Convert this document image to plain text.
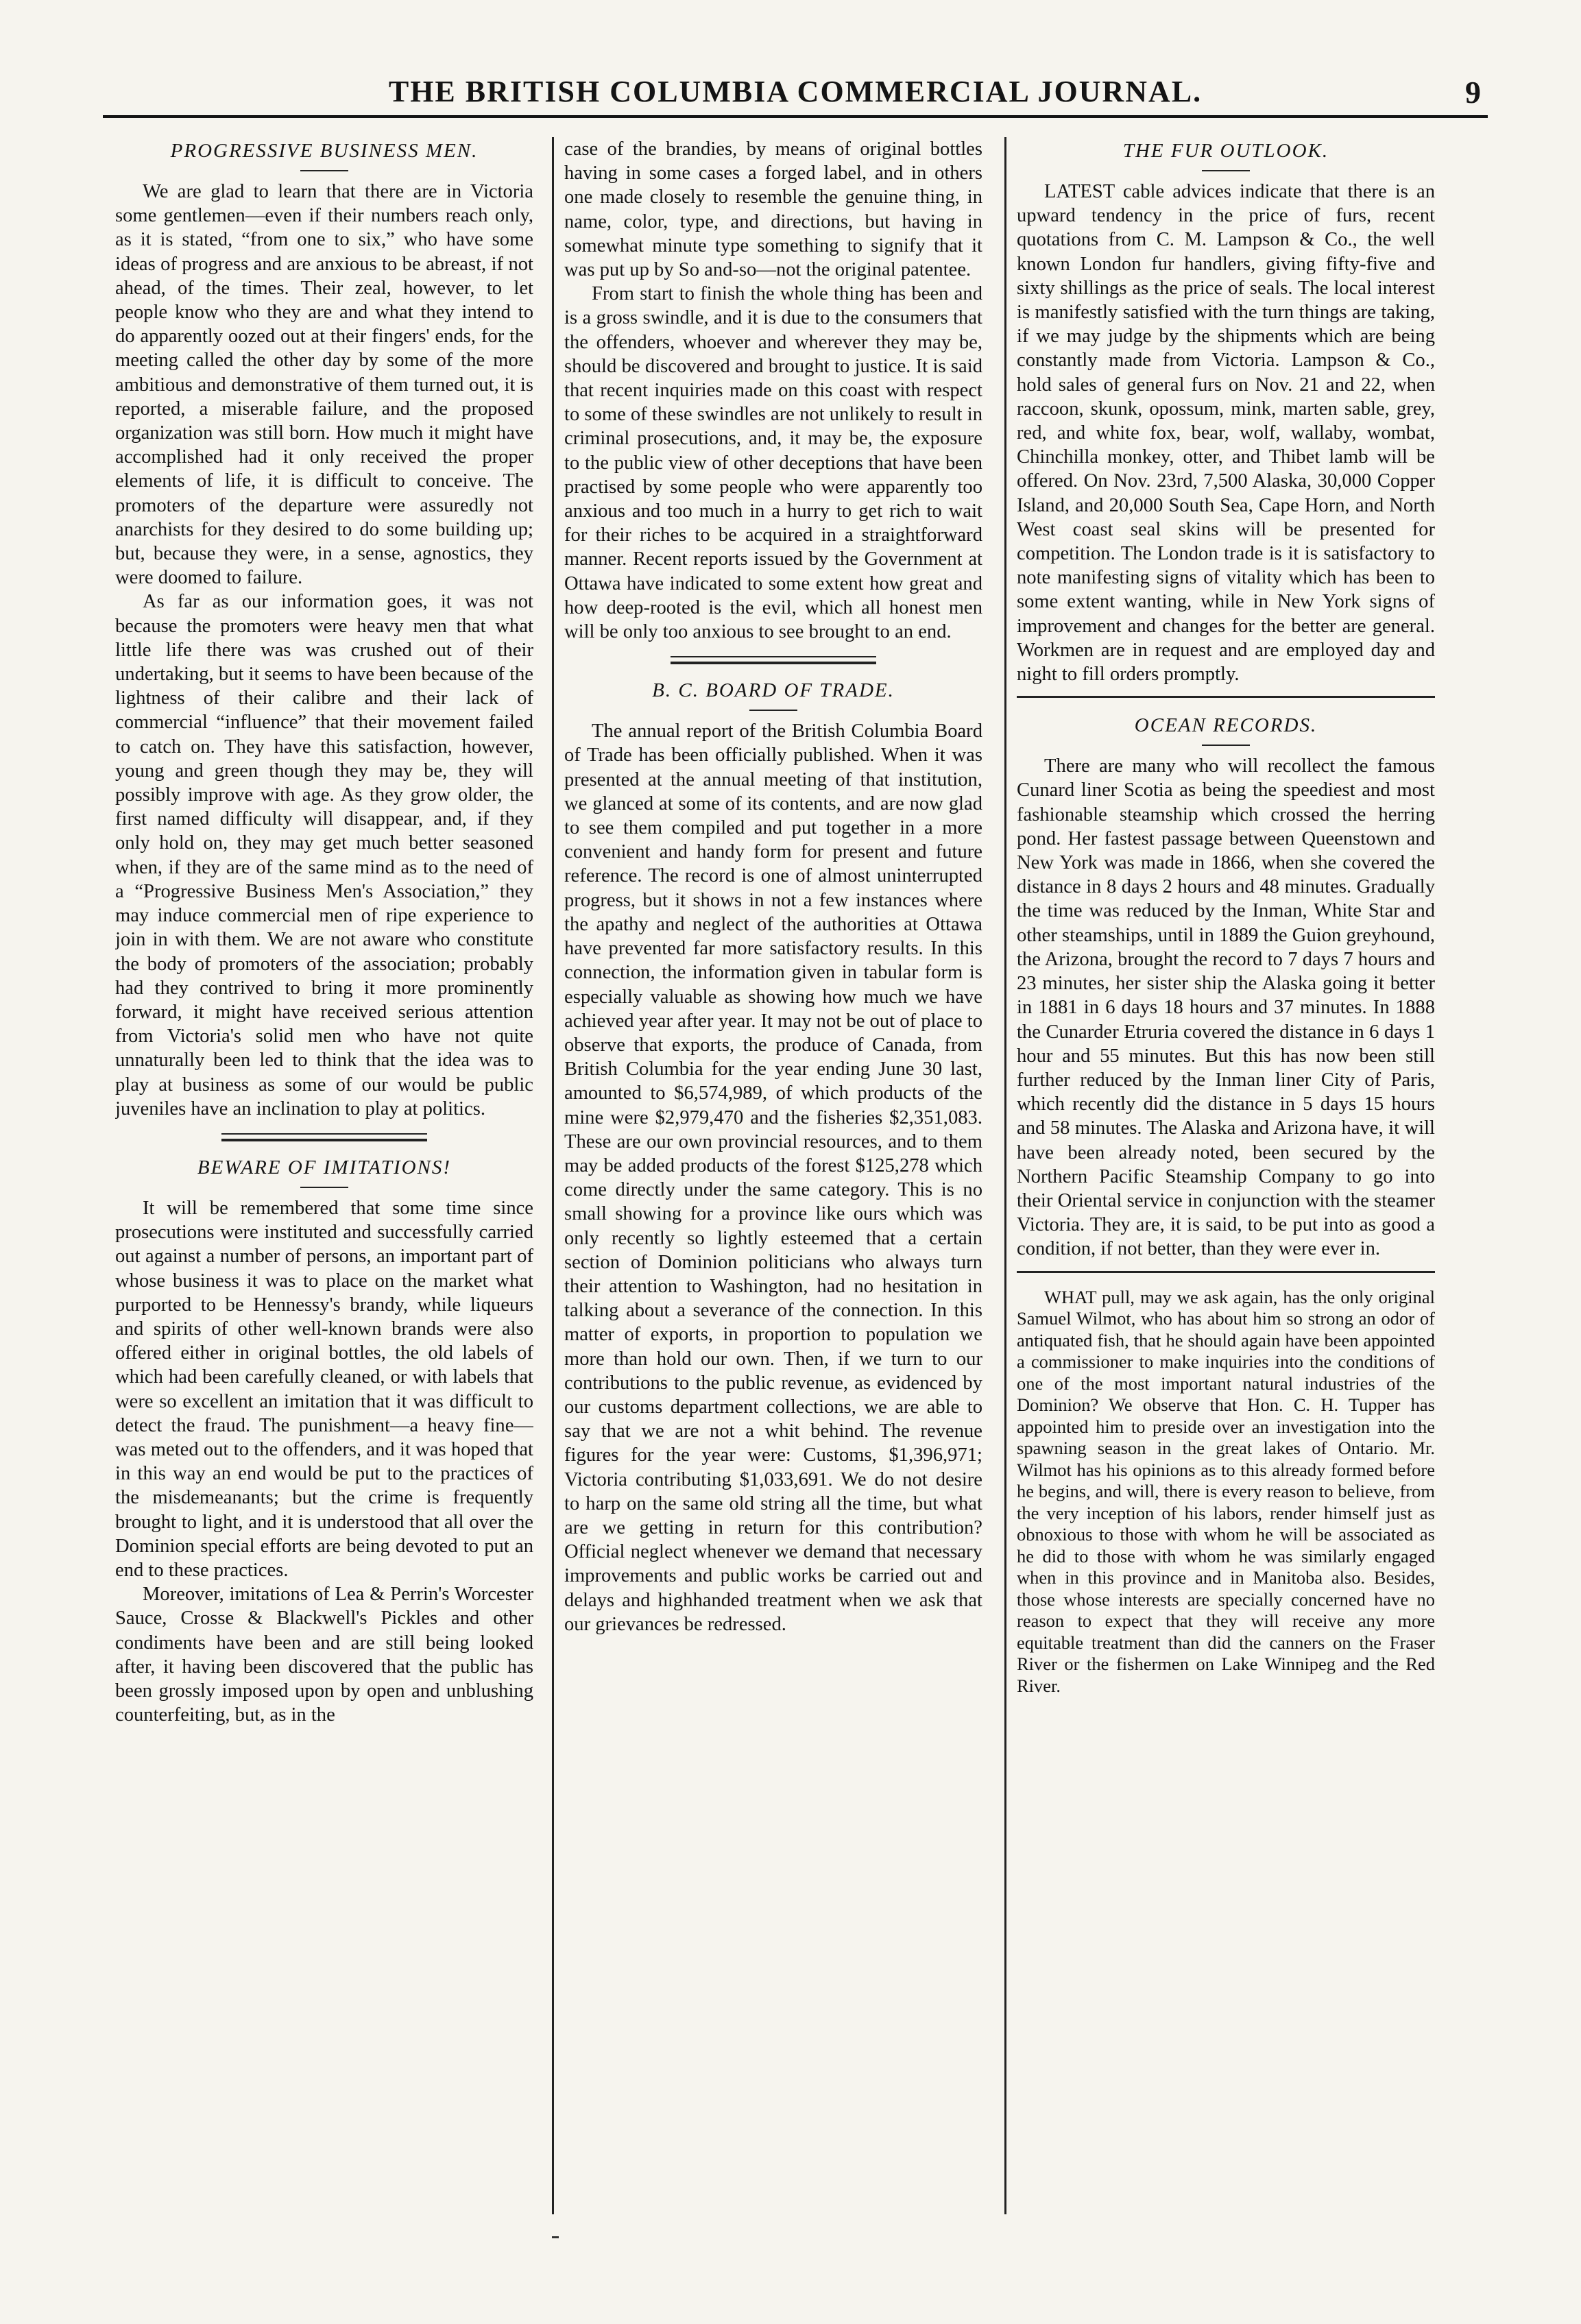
THE BRITISH COLUMBIA COMMERCIAL JOURNAL.	9
PROGRESSIVE BUSINESS MEN.

We are glad to learn that there are in Victoria some gentlemen—even if their numbers reach only, as it is stated, “from one to six,” who have some ideas of progress and are anxious to be abreast, if not ahead, of the times. Their zeal, however, to let people know who they are and what they intend to do apparently oozed out at their fingers' ends, for the meeting called the other day by some of the more ambitious and demonstrative of them turned out, it is reported, a miserable failure, and the proposed organization was still born. How much it might have accomplished had it only received the proper elements of life, it is difficult to conceive. The promoters of the departure were assuredly not anarchists for they desired to do some building up; but, because they were, in a sense, agnostics, they were doomed to failure.

As far as our information goes, it was not because the promoters were heavy men that what little life there was was crushed out of their undertaking, but it seems to have been because of the lightness of their calibre and their lack of commercial “influence” that their movement failed to catch on. They have this satisfaction, however, young and green though they may be, they will possibly improve with age. As they grow older, the first named difficulty will disappear, and, if they only hold on, they may get much better seasoned when, if they are of the same mind as to the need of a “Progressive Business Men's Association,” they may induce commercial men of ripe experience to join in with them. We are not aware who constitute the body of promoters of the association; probably had they contrived to bring it more prominently forward, it might have received serious attention from Victoria's solid men who have not quite unnaturally been led to think that the idea was to play at business as some of our would be public juveniles have an inclination to play at politics.

BEWARE OF IMITATIONS!

It will be remembered that some time since prosecutions were instituted and successfully carried out against a number of persons, an important part of whose business it was to place on the market what purported to be Hennessy's brandy, while liqueurs and spirits of other well-known brands were also offered either in original bottles, the old labels of which had been carefully cleaned, or with labels that were so excellent an imitation that it was difficult to detect the fraud. The punishment—a heavy fine—was meted out to the offenders, and it was hoped that in this way an end would be put to the practices of the misdemeanants; but the crime is frequently brought to light, and it is understood that all over the Dominion special efforts are being devoted to put an end to these practices.

Moreover, imitations of Lea & Perrin's Worcester Sauce, Crosse & Blackwell's Pickles and other condiments have been and are still being looked after, it having been discovered that the public has been grossly imposed upon by open and unblushing counterfeiting, but, as in the

case of the brandies, by means of original bottles having in some cases a forged label, and in others one made closely to resemble the genuine thing, in name, color, type, and directions, but having in somewhat minute type something to signify that it was put up by So and-so—not the original patentee.

From start to finish the whole thing has been and is a gross swindle, and it is due to the consumers that the offenders, whoever and wherever they may be, should be discovered and brought to justice. It is said that recent inquiries made on this coast with respect to some of these swindles are not unlikely to result in criminal prosecutions, and, it may be, the exposure to the public view of other deceptions that have been practised by some people who were apparently too anxious and too much in a hurry to get rich to wait for their riches to be acquired in a straightforward manner. Recent reports issued by the Government at Ottawa have indicated to some extent how great and how deep-rooted is the evil, which all honest men will be only too anxious to see brought to an end.

B. C. BOARD OF TRADE.

The annual report of the British Columbia Board of Trade has been officially published. When it was presented at the annual meeting of that institution, we glanced at some of its contents, and are now glad to see them compiled and put together in a more convenient and handy form for present and future reference. The record is one of almost uninterrupted progress, but it shows in not a few instances where the apathy and neglect of the authorities at Ottawa have prevented far more satisfactory results. In this connection, the information given in tabular form is especially valuable as showing how much we have achieved year after year. It may not be out of place to observe that exports, the produce of Canada, from British Columbia for the year ending June 30 last, amounted to $6,574,989, of which products of the mine were $2,979,470 and the fisheries $2,351,083. These are our own provincial resources, and to them may be added products of the forest $125,278 which come directly under the same category. This is no small showing for a province like ours which was only recently so lightly esteemed that a certain section of Dominion politicians who always turn their attention to Washington, had no hesitation in talking about a severance of the connection. In this matter of exports, in proportion to population we more than hold our own. Then, if we turn to our contributions to the public revenue, as evidenced by our customs department collections, we are able to say that we are not a whit behind. The revenue figures for the year were: Customs, $1,396,971; Victoria contributing $1,033,691. We do not desire to harp on the same old string all the time, but what are we getting in return for this contribution? Official neglect whenever we demand that necessary improvements and public works be carried out and delays and highhanded treatment when we ask that our grievances be redressed.

THE FUR OUTLOOK.

LATEST cable advices indicate that there is an upward tendency in the price of furs, recent quotations from C. M. Lampson & Co., the well known London fur handlers, giving fifty-five and sixty shillings as the price of seals. The local interest is manifestly satisfied with the turn things are taking, if we may judge by the shipments which are being constantly made from Victoria. Lampson & Co., hold sales of general furs on Nov. 21 and 22, when raccoon, skunk, opossum, mink, marten sable, grey, red, and white fox, bear, wolf, wallaby, wombat, Chinchilla monkey, otter, and Thibet lamb will be offered. On Nov. 23rd, 7,500 Alaska, 30,000 Copper Island, and 20,000 South Sea, Cape Horn, and North West coast seal skins will be presented for competition. The London trade is it is satisfactory to note manifesting signs of vitality which has been to some extent wanting, while in New York signs of improvement and changes for the better are general. Workmen are in request and are employed day and night to fill orders promptly.

OCEAN RECORDS.

There are many who will recollect the famous Cunard liner Scotia as being the speediest and most fashionable steamship which crossed the herring pond. Her fastest passage between Queenstown and New York was made in 1866, when she covered the distance in 8 days 2 hours and 48 minutes. Gradually the time was reduced by the Inman, White Star and other steamships, until in 1889 the Guion greyhound, the Arizona, brought the record to 7 days 7 hours and 23 minutes, her sister ship the Alaska going it better in 1881 in 6 days 18 hours and 37 minutes. In 1888 the Cunarder Etruria covered the distance in 6 days 1 hour and 55 minutes. But this has now been still further reduced by the Inman liner City of Paris, which recently did the distance in 5 days 15 hours and 58 minutes. The Alaska and Arizona have, it will have been already noted, been secured by the Northern Pacific Steamship Company to go into their Oriental service in conjunction with the steamer Victoria. They are, it is said, to be put into as good a condition, if not better, than they were ever in.

WHAT pull, may we ask again, has the only original Samuel Wilmot, who has about him so strong an odor of antiquated fish, that he should again have been appointed a commissioner to make inquiries into the conditions of one of the most important natural industries of the Dominion? We observe that Hon. C. H. Tupper has appointed him to preside over an investigation into the spawning season in the great lakes of Ontario. Mr. Wilmot has his opinions as to this already formed before he begins, and will, there is every reason to believe, from the very inception of his labors, render himself just as obnoxious to those with whom he will be associated as he did to those with whom he was similarly engaged when in this province and in Manitoba also. Besides, those whose interests are specially concerned have no reason to expect that they will receive any more equitable treatment than did the canners on the Fraser River or the fishermen on Lake Winnipeg and the Red River.
